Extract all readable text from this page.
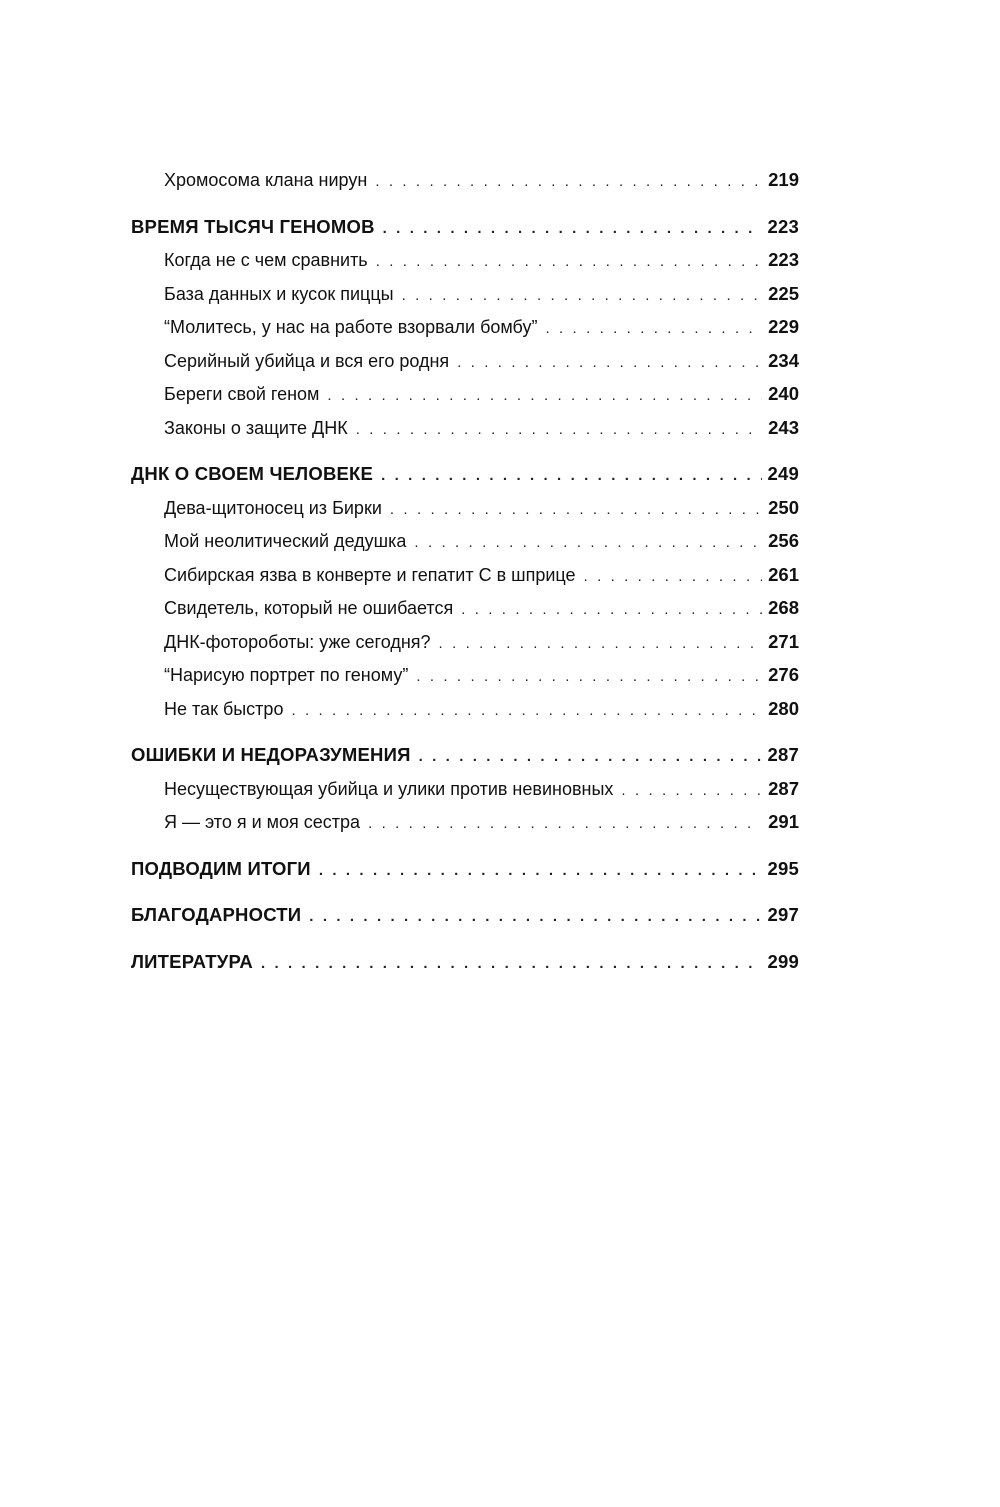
Хромосома клана нирун . . .	219
ВРЕМЯ ТЫСЯЧ ГЕНОМОВ . . .	223
Когда не с чем сравнить . . .	223
База данных и кусок пиццы . . .	225
“Молитесь, у нас на работе взорвали бомбу” . . .	229
Серийный убийца и вся его родня . . .	234
Береги свой геном . . .	240
Законы о защите ДНК . . .	243
ДНК О СВОЕМ ЧЕЛОВЕКЕ . . .	249
Дева-щитоносец из Бирки . . .	250
Мой неолитический дедушка . . .	256
Сибирская язва в конверте и гепатит С в шприце . . .	261
Свидетель, который не ошибается . . .	268
ДНК-фотороботы: уже сегодня? . . .	271
“Нарисую портрет по геному” . . .	276
Не так быстро . . .	280
ОШИБКИ И НЕДОРАЗУМЕНИЯ . . .	287
Несуществующая убийца и улики против невиновных . . .	287
Я — это я и моя сестра . . .	291
ПОДВОДИМ ИТОГИ . . .	295
БЛАГОДАРНОСТИ . . .	297
ЛИТЕРАТУРА . . .	299
